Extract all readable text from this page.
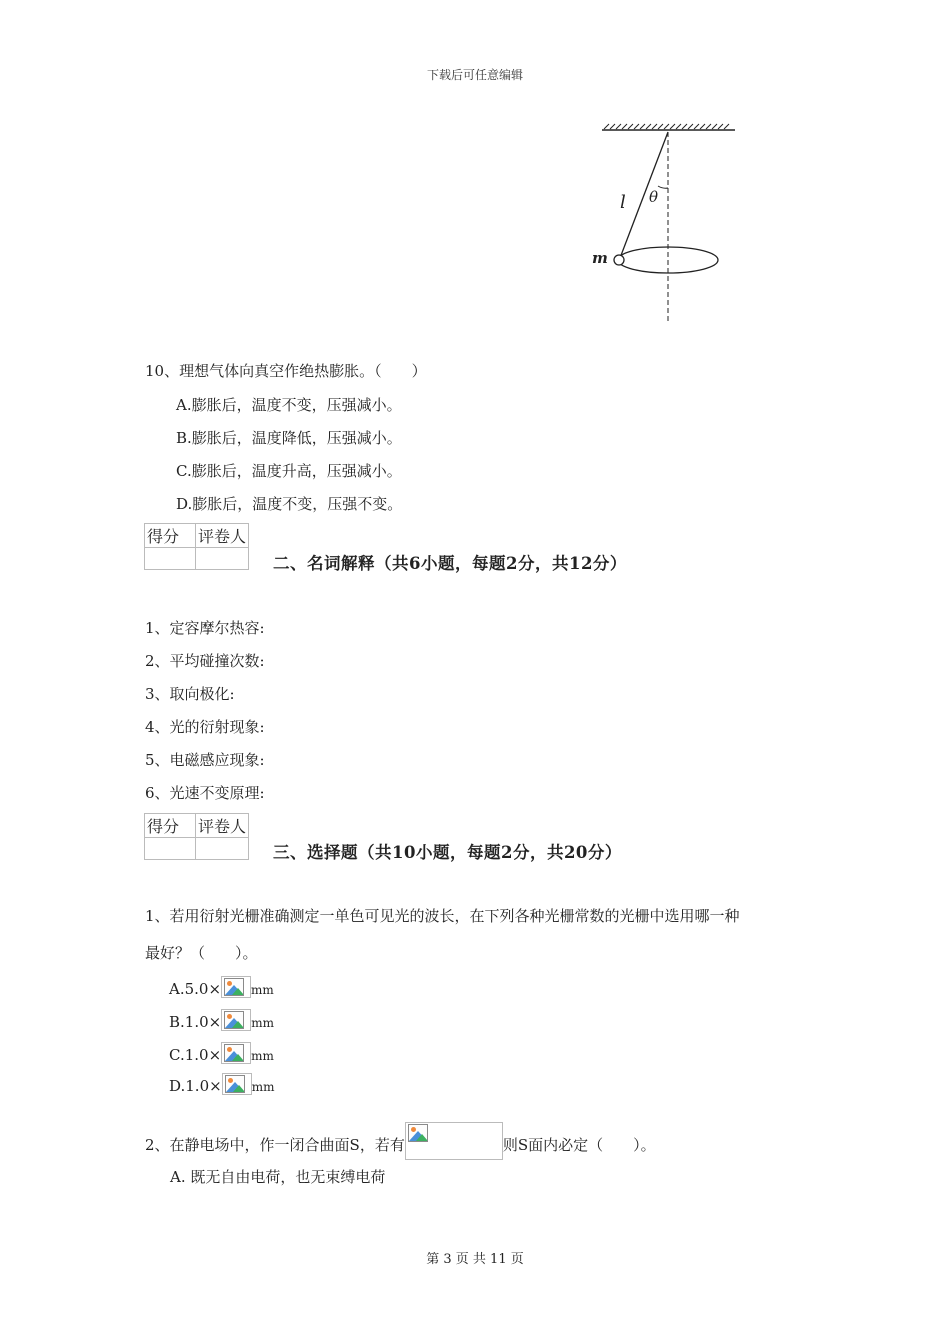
下载后可任意编辑
l θ
m
10、理想气体向真空作绝热膨胀。（　　）
A.膨胀后，温度不变，压强减小。
B.膨胀后，温度降低，压强减小。
C.膨胀后，温度升高，压强减小。
D.膨胀后，温度不变，压强不变。
得分	评卷人

二、名词解释（共6小题，每题2分，共12分）
1、定容摩尔热容:
2、平均碰撞次数:
3、取向极化:
4、光的衍射现象:
5、电磁感应现象:
6、光速不变原理:
得分	评卷人

三、选择题（共10小题，每题2分，共20分）
1、若用衍射光栅准确测定一单色可见光的波长，在下列各种光栅常数的光栅中选用哪一种
最好？（　　）。
A.5.0×	mm
B.1.0×	mm
C.1.0×	mm
D.1.0×	mm
2、在静电场中，作一闭合曲面S，若有	则S面内必定（　　）。
A. 既无自由电荷，也无束缚电荷
第 3 页 共 11 页
